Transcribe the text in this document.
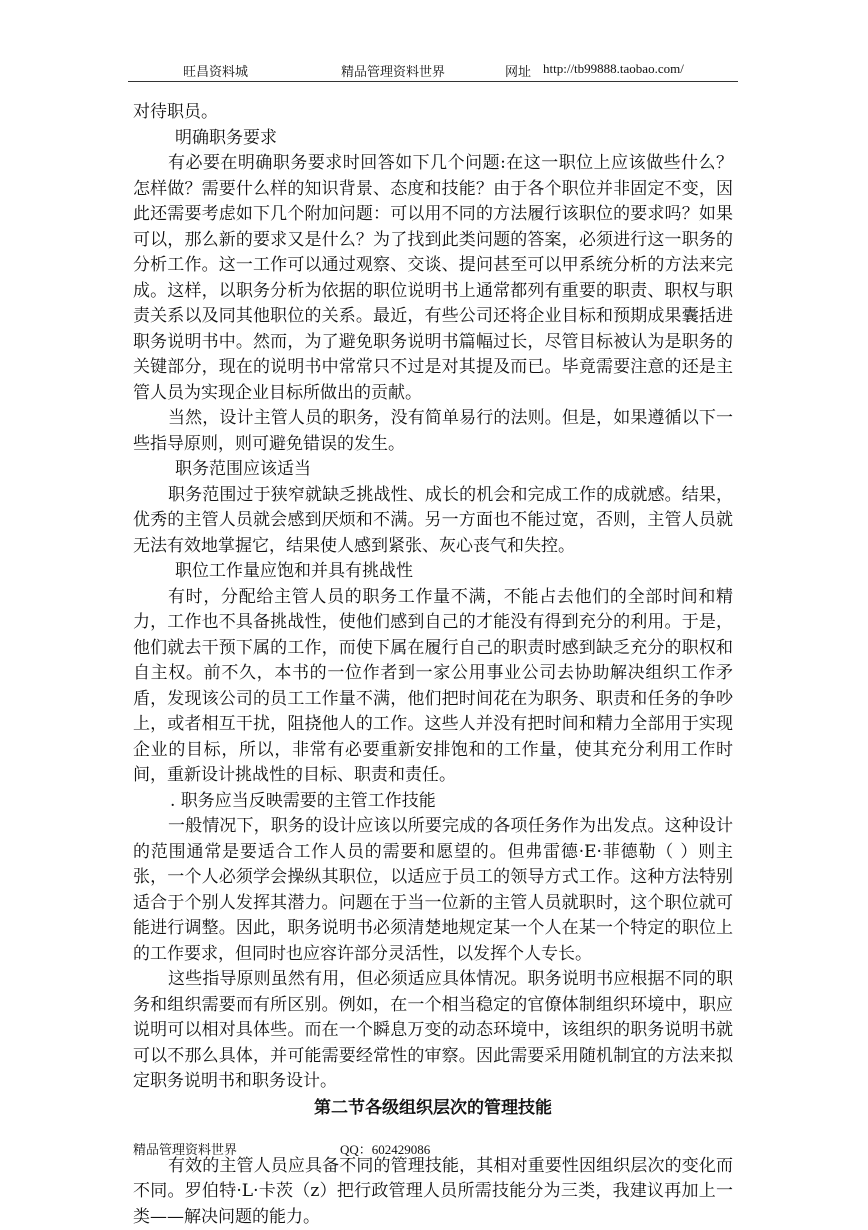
旺昌资料城	精品管理资料世界	网址 http://tb99888.taobao.com/

对待职员。

明确职务要求

有必要在明确职务要求时回答如下几个问题:在这一职位上应该做些什么？怎样做？需要什么样的知识背景、态度和技能？由于各个职位并非固定不变，因此还需要考虑如下几个附加问题：可以用不同的方法履行该职位的要求吗？如果可以，那么新的要求又是什么？为了找到此类问题的答案，必须进行这一职务的分析工作。这一工作可以通过观察、交谈、提问甚至可以甲系统分析的方法来完成。这样，以职务分析为依据的职位说明书上通常都列有重要的职责、职权与职责关系以及同其他职位的关系。最近，有些公司还将企业目标和预期成果囊括进职务说明书中。然而，为了避免职务说明书篇幅过长，尽管目标被认为是职务的关键部分，现在的说明书中常常只不过是对其提及而已。毕竟需要注意的还是主管人员为实现企业目标所做出的贡献。

当然，设计主管人员的职务，没有简单易行的法则。但是，如果遵循以下一些指导原则，则可避免错误的发生。

职务范围应该适当

职务范围过于狭窄就缺乏挑战性、成长的机会和完成工作的成就感。结果，优秀的主管人员就会感到厌烦和不满。另一方面也不能过宽，否则，主管人员就无法有效地掌握它，结果使人感到紧张、灰心丧气和失控。

职位工作量应饱和并具有挑战性

有时，分配给主管人员的职务工作量不满，不能占去他们的全部时间和精力，工作也不具备挑战性，使他们感到自己的才能没有得到充分的利用。于是，他们就去干预下属的工作，而使下属在履行自己的职责时感到缺乏充分的职权和自主权。前不久，本书的一位作者到一家公用事业公司去协助解决组织工作矛盾，发现该公司的员工工作量不满，他们把时间花在为职务、职责和任务的争吵上，或者相互干扰，阻挠他人的工作。这些人并没有把时间和精力全部用于实现企业的目标，所以，非常有必要重新安排饱和的工作量，使其充分利用工作时间，重新设计挑战性的目标、职责和责任。

. 职务应当反映需要的主管工作技能

一般情况下，职务的设计应该以所要完成的各项任务作为出发点。这种设计的范围通常是要适合工作人员的需要和愿望的。但弗雷德·E·菲德勒（ ）则主张，一个人必须学会操纵其职位，以适应于员工的领导方式工作。这种方法特别适合于个别人发挥其潜力。问题在于当一位新的主管人员就职时，这个职位就可能进行调整。因此，职务说明书必须清楚地规定某一个人在某一个特定的职位上的工作要求，但同时也应容许部分灵活性，以发挥个人专长。

这些指导原则虽然有用，但必须适应具体情况。职务说明书应根据不同的职务和组织需要而有所区别。例如，在一个相当稳定的官僚体制组织环境中，职应说明可以相对具体些。而在一个瞬息万变的动态环境中，该组织的职务说明书就可以不那么具体，并可能需要经常性的审察。因此需要采用随机制宜的方法来拟定职务说明书和职务设计。

第二节各级组织层次的管理技能

有效的主管人员应具备不同的管理技能，其相对重要性因组织层次的变化而不同。罗伯特·L·卡茨（z）把行政管理人员所需技能分为三类，我建议再加上一类——解决问题的能力。

精品管理资料世界	QQ：602429086
